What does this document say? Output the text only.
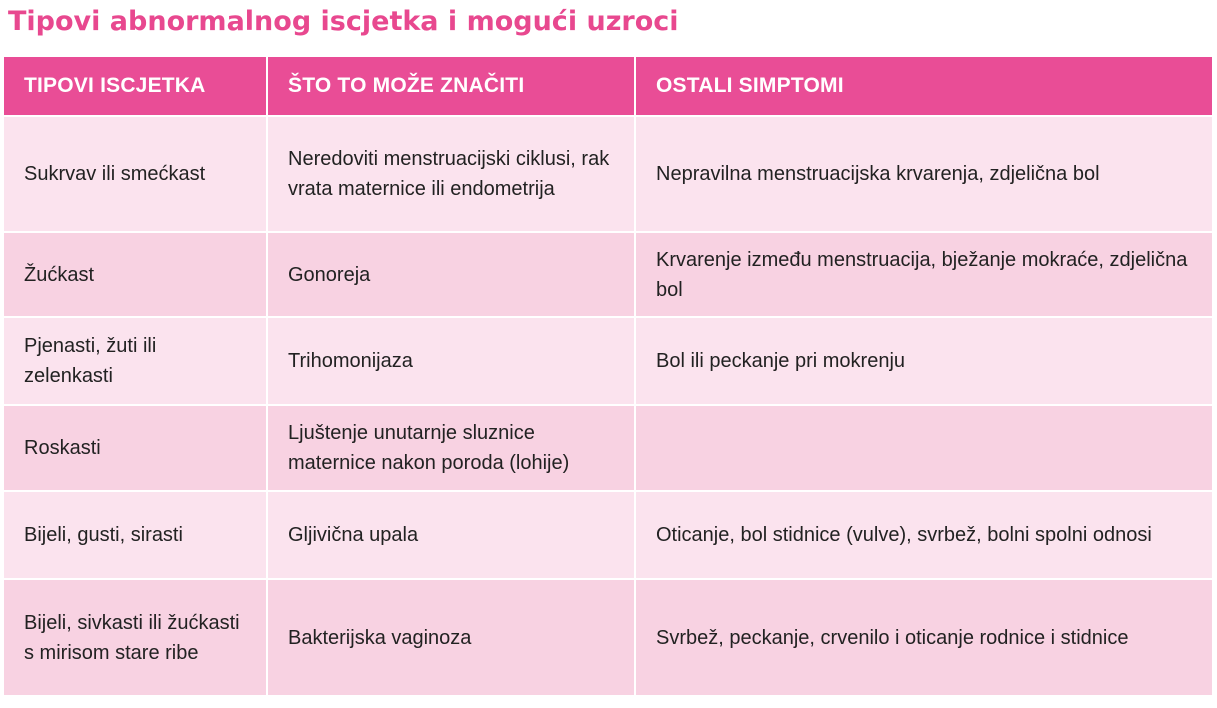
Tipovi abnormalnog iscjetka i mogući uzroci
TIPOVI ISCJETKA	ŠTO TO MOŽE ZNAČITI	OSTALI SIMPTOMI
Sukrvav ili smećkast	Neredoviti menstruacijski ciklusi, rak vrata maternice ili endometrija	Nepravilna menstruacijska krvarenja, zdjelična bol
Žućkast	Gonoreja	Krvarenje između menstruacija, bježanje mokraće, zdjelična bol
Pjenasti, žuti ili zelenkasti	Trihomonijaza	Bol ili peckanje pri mokrenju
Roskasti	Ljuštenje unutarnje sluznice maternice nakon poroda (lohije)	
Bijeli, gusti, sirasti	Gljivična upala	Oticanje, bol stidnice (vulve), svrbež, bolni spolni odnosi
Bijeli, sivkasti ili žućkasti s mirisom stare ribe	Bakterijska vaginoza	Svrbež, peckanje, crvenilo i oticanje rodnice i stidnice
